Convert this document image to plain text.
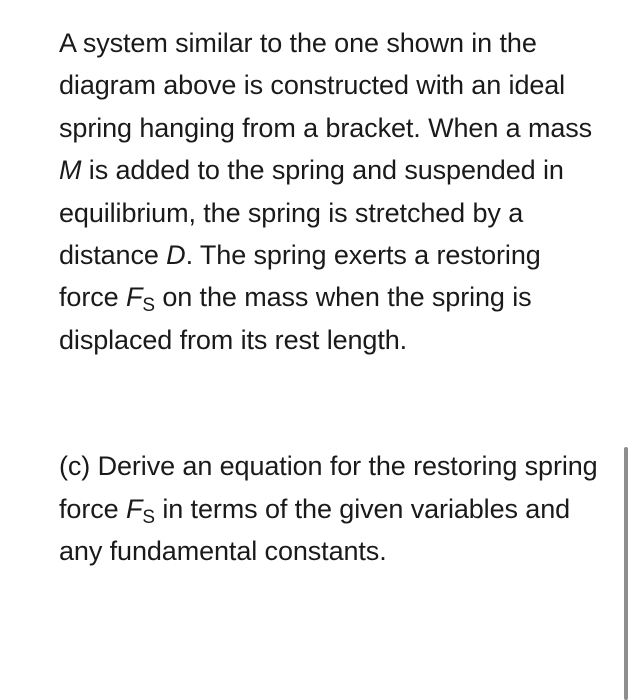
A system similar to the one shown in the diagram above is constructed with an ideal spring hanging from a bracket. When a mass M is added to the spring and suspended in equilibrium, the spring is stretched by a distance D. The spring exerts a restoring force $F_S$ on the mass when the spring is displaced from its rest length.

(c) Derive an equation for the restoring spring force $F_S$ in terms of the given variables and any fundamental constants.
